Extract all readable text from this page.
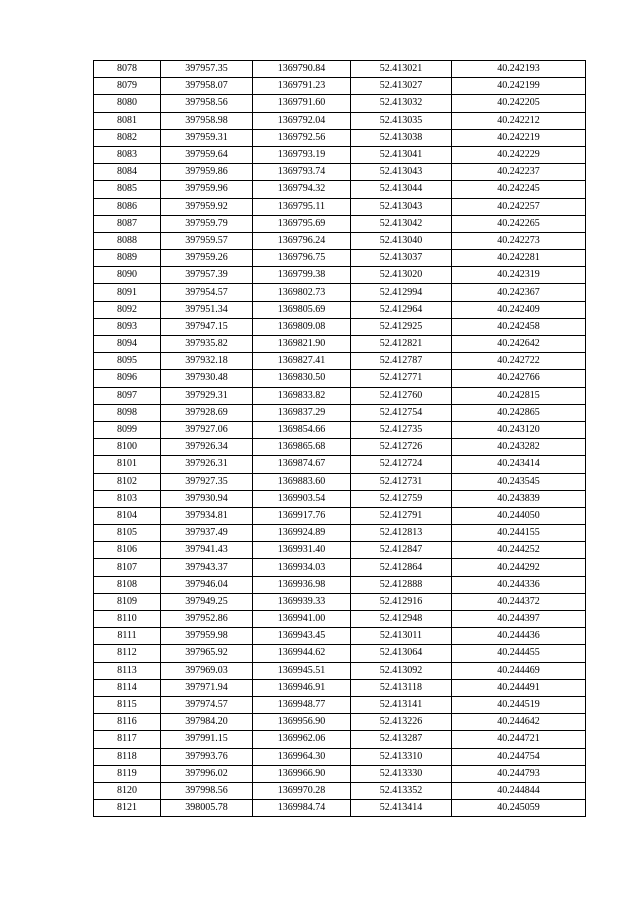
8078	397957.35	1369790.84	52.413021	40.242193
8079	397958.07	1369791.23	52.413027	40.242199
8080	397958.56	1369791.60	52.413032	40.242205
8081	397958.98	1369792.04	52.413035	40.242212
8082	397959.31	1369792.56	52.413038	40.242219
8083	397959.64	1369793.19	52.413041	40.242229
8084	397959.86	1369793.74	52.413043	40.242237
8085	397959.96	1369794.32	52.413044	40.242245
8086	397959.92	1369795.11	52.413043	40.242257
8087	397959.79	1369795.69	52.413042	40.242265
8088	397959.57	1369796.24	52.413040	40.242273
8089	397959.26	1369796.75	52.413037	40.242281
8090	397957.39	1369799.38	52.413020	40.242319
8091	397954.57	1369802.73	52.412994	40.242367
8092	397951.34	1369805.69	52.412964	40.242409
8093	397947.15	1369809.08	52.412925	40.242458
8094	397935.82	1369821.90	52.412821	40.242642
8095	397932.18	1369827.41	52.412787	40.242722
8096	397930.48	1369830.50	52.412771	40.242766
8097	397929.31	1369833.82	52.412760	40.242815
8098	397928.69	1369837.29	52.412754	40.242865
8099	397927.06	1369854.66	52.412735	40.243120
8100	397926.34	1369865.68	52.412726	40.243282
8101	397926.31	1369874.67	52.412724	40.243414
8102	397927.35	1369883.60	52.412731	40.243545
8103	397930.94	1369903.54	52.412759	40.243839
8104	397934.81	1369917.76	52.412791	40.244050
8105	397937.49	1369924.89	52.412813	40.244155
8106	397941.43	1369931.40	52.412847	40.244252
8107	397943.37	1369934.03	52.412864	40.244292
8108	397946.04	1369936.98	52.412888	40.244336
8109	397949.25	1369939.33	52.412916	40.244372
8110	397952.86	1369941.00	52.412948	40.244397
8111	397959.98	1369943.45	52.413011	40.244436
8112	397965.92	1369944.62	52.413064	40.244455
8113	397969.03	1369945.51	52.413092	40.244469
8114	397971.94	1369946.91	52.413118	40.244491
8115	397974.57	1369948.77	52.413141	40.244519
8116	397984.20	1369956.90	52.413226	40.244642
8117	397991.15	1369962.06	52.413287	40.244721
8118	397993.76	1369964.30	52.413310	40.244754
8119	397996.02	1369966.90	52.413330	40.244793
8120	397998.56	1369970.28	52.413352	40.244844
8121	398005.78	1369984.74	52.413414	40.245059
